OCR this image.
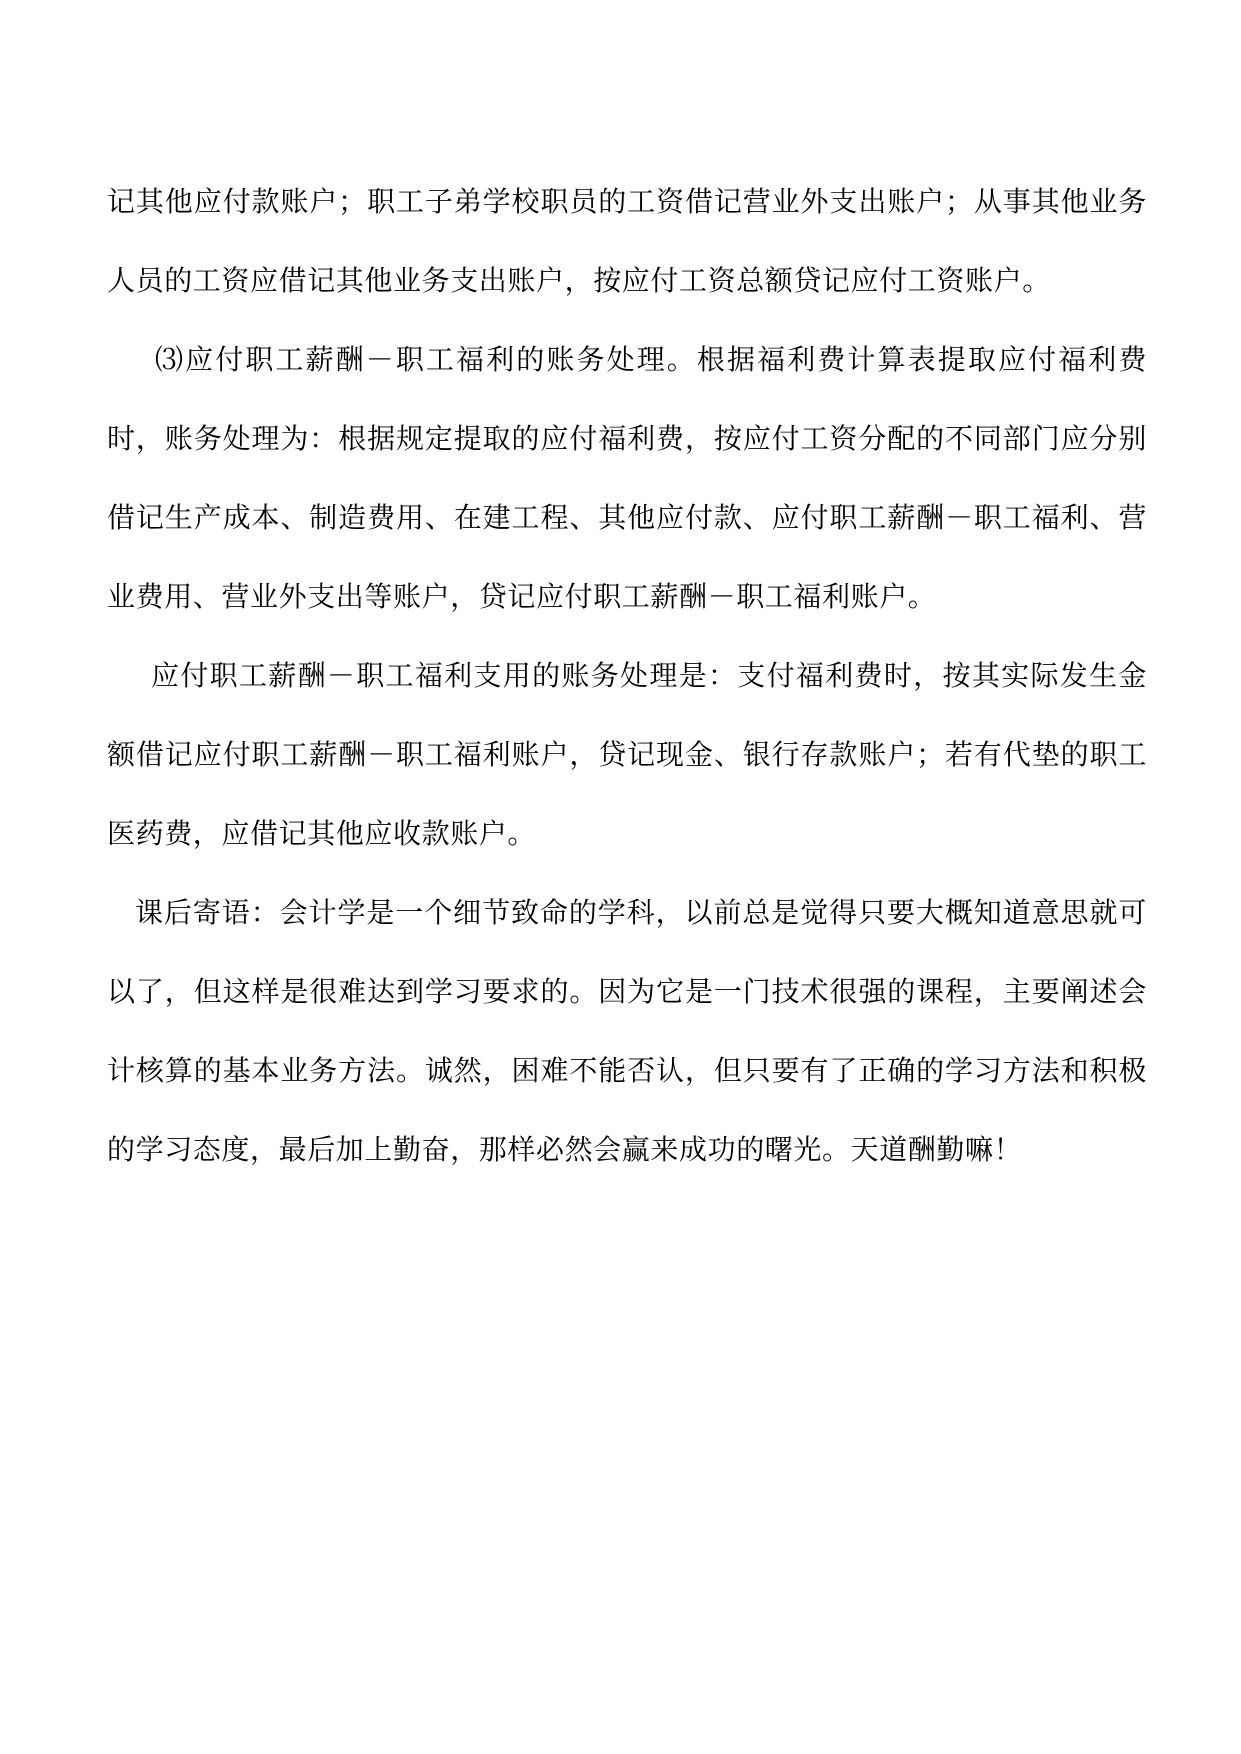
记其他应付款账户；职工子弟学校职员的工资借记营业外支出账户；从事其他业务人员的工资应借记其他业务支出账户，按应付工资总额贷记应付工资账户。

⑶应付职工薪酬－职工福利的账务处理。根据福利费计算表提取应付福利费时，账务处理为：根据规定提取的应付福利费，按应付工资分配的不同部门应分别借记生产成本、制造费用、在建工程、其他应付款、应付职工薪酬－职工福利、营业费用、营业外支出等账户，贷记应付职工薪酬－职工福利账户。

应付职工薪酬－职工福利支用的账务处理是：支付福利费时，按其实际发生金额借记应付职工薪酬－职工福利账户，贷记现金、银行存款账户；若有代垫的职工医药费，应借记其他应收款账户。

课后寄语：会计学是一个细节致命的学科，以前总是觉得只要大概知道意思就可以了，但这样是很难达到学习要求的。因为它是一门技术很强的课程，主要阐述会计核算的基本业务方法。诚然，困难不能否认，但只要有了正确的学习方法和积极的学习态度，最后加上勤奋，那样必然会赢来成功的曙光。天道酬勤嘛！
